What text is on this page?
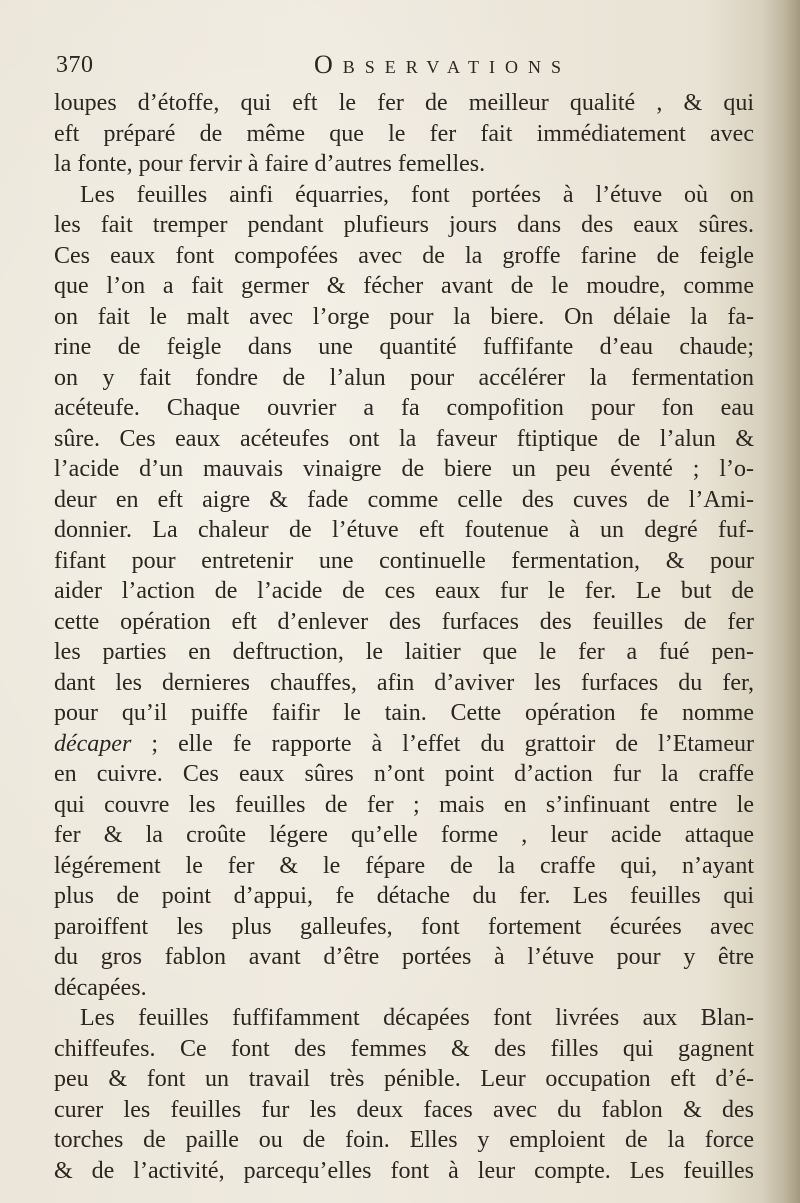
370	Observations
loupes d’étoffe, qui eft le fer de meilleur qualité , & qui
eft préparé de même que le fer fait immédiatement avec
la fonte, pour fervir à faire d’autres femelles.
Les feuilles ainfi équarries, font portées à l’étuve où on
les fait tremper pendant plufieurs jours dans des eaux sûres.
Ces eaux font compofées avec de la groffe farine de feigle
que l’on a fait germer & fécher avant de le moudre, comme
on fait le malt avec l’orge pour la biere. On délaie la fa-
rine de feigle dans une quantité fuffifante d’eau chaude;
on y fait fondre de l’alun pour accélérer la fermentation
acéteufe. Chaque ouvrier a fa compofition pour fon eau
sûre. Ces eaux acéteufes ont la faveur ftiptique de l’alun &
l’acide d’un mauvais vinaigre de biere un peu éventé ; l’o-
deur en eft aigre & fade comme celle des cuves de l’Ami-
donnier. La chaleur de l’étuve eft foutenue à un degré fuf-
fifant pour entretenir une continuelle fermentation, & pour
aider l’action de l’acide de ces eaux fur le fer. Le but de
cette opération eft d’enlever des furfaces des feuilles de fer
les parties en deftruction, le laitier que le fer a fué pen-
dant les dernieres chauffes, afin d’aviver les furfaces du fer,
pour qu’il puiffe faifir le tain. Cette opération fe nomme
décaper ; elle fe rapporte à l’effet du grattoir de l’Etameur
en cuivre. Ces eaux sûres n’ont point d’action fur la craffe
qui couvre les feuilles de fer ; mais en s’infinuant entre le
fer & la croûte légere qu’elle forme , leur acide attaque
légérement le fer & le fépare de la craffe qui, n’ayant
plus de point d’appui, fe détache du fer. Les feuilles qui
paroiffent les plus galleufes, font fortement écurées avec
du gros fablon avant d’être portées à l’étuve pour y être
décapées.
Les feuilles fuffifamment décapées font livrées aux Blan-
chiffeufes. Ce font des femmes & des filles qui gagnent
peu & font un travail très pénible. Leur occupation eft d’é-
curer les feuilles fur les deux faces avec du fablon & des
torches de paille ou de foin. Elles y emploient de la force
& de l’activité, parcequ’elles font à leur compte. Les feuilles
